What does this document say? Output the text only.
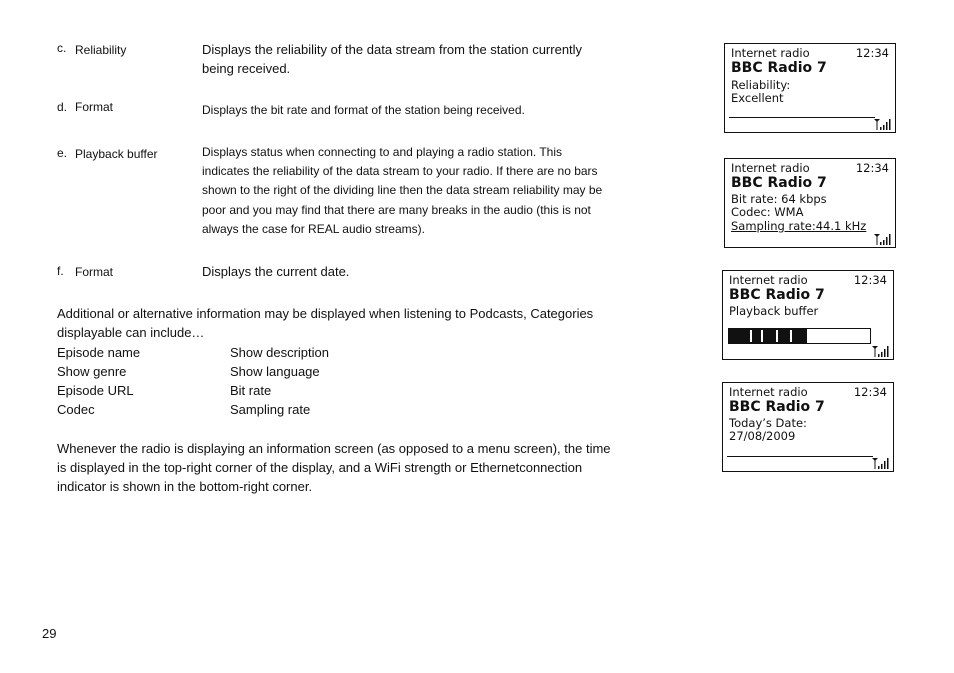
c. Reliability	Displays the reliability of the data stream from the station currently being received.
d. Format	Displays the bit rate and format of the station being received.
e. Playback buffer	Displays status when connecting to and playing a radio station. This indicates the reliability of the data stream to your radio. If there are no bars shown to the right of the dividing line then the data stream reliability may be poor and you may find that there are many breaks in the audio (this is not always the case for REAL audio streams).
f. Format	Displays the current date.
Additional or alternative information may be displayed when listening to Podcasts, Categories displayable can include…
Episode name	Show description
Show genre	Show language
Episode URL	Bit rate
Codec	Sampling rate
Whenever the radio is displaying an information screen (as opposed to a menu screen), the time is displayed in the top-right corner of the display, and a WiFi strength or Ethernetconnection indicator is shown in the bottom-right corner.
29
Internet radio	12:34
BBC Radio 7
Reliability:
Excellent
Internet radio	12:34
BBC Radio 7
Bit rate: 64 kbps
Codec: WMA
Sampling rate:44.1 kHz
Internet radio	12:34
BBC Radio 7
Playback buffer
Internet radio	12:34
BBC Radio 7
Today’s Date:
27/08/2009
